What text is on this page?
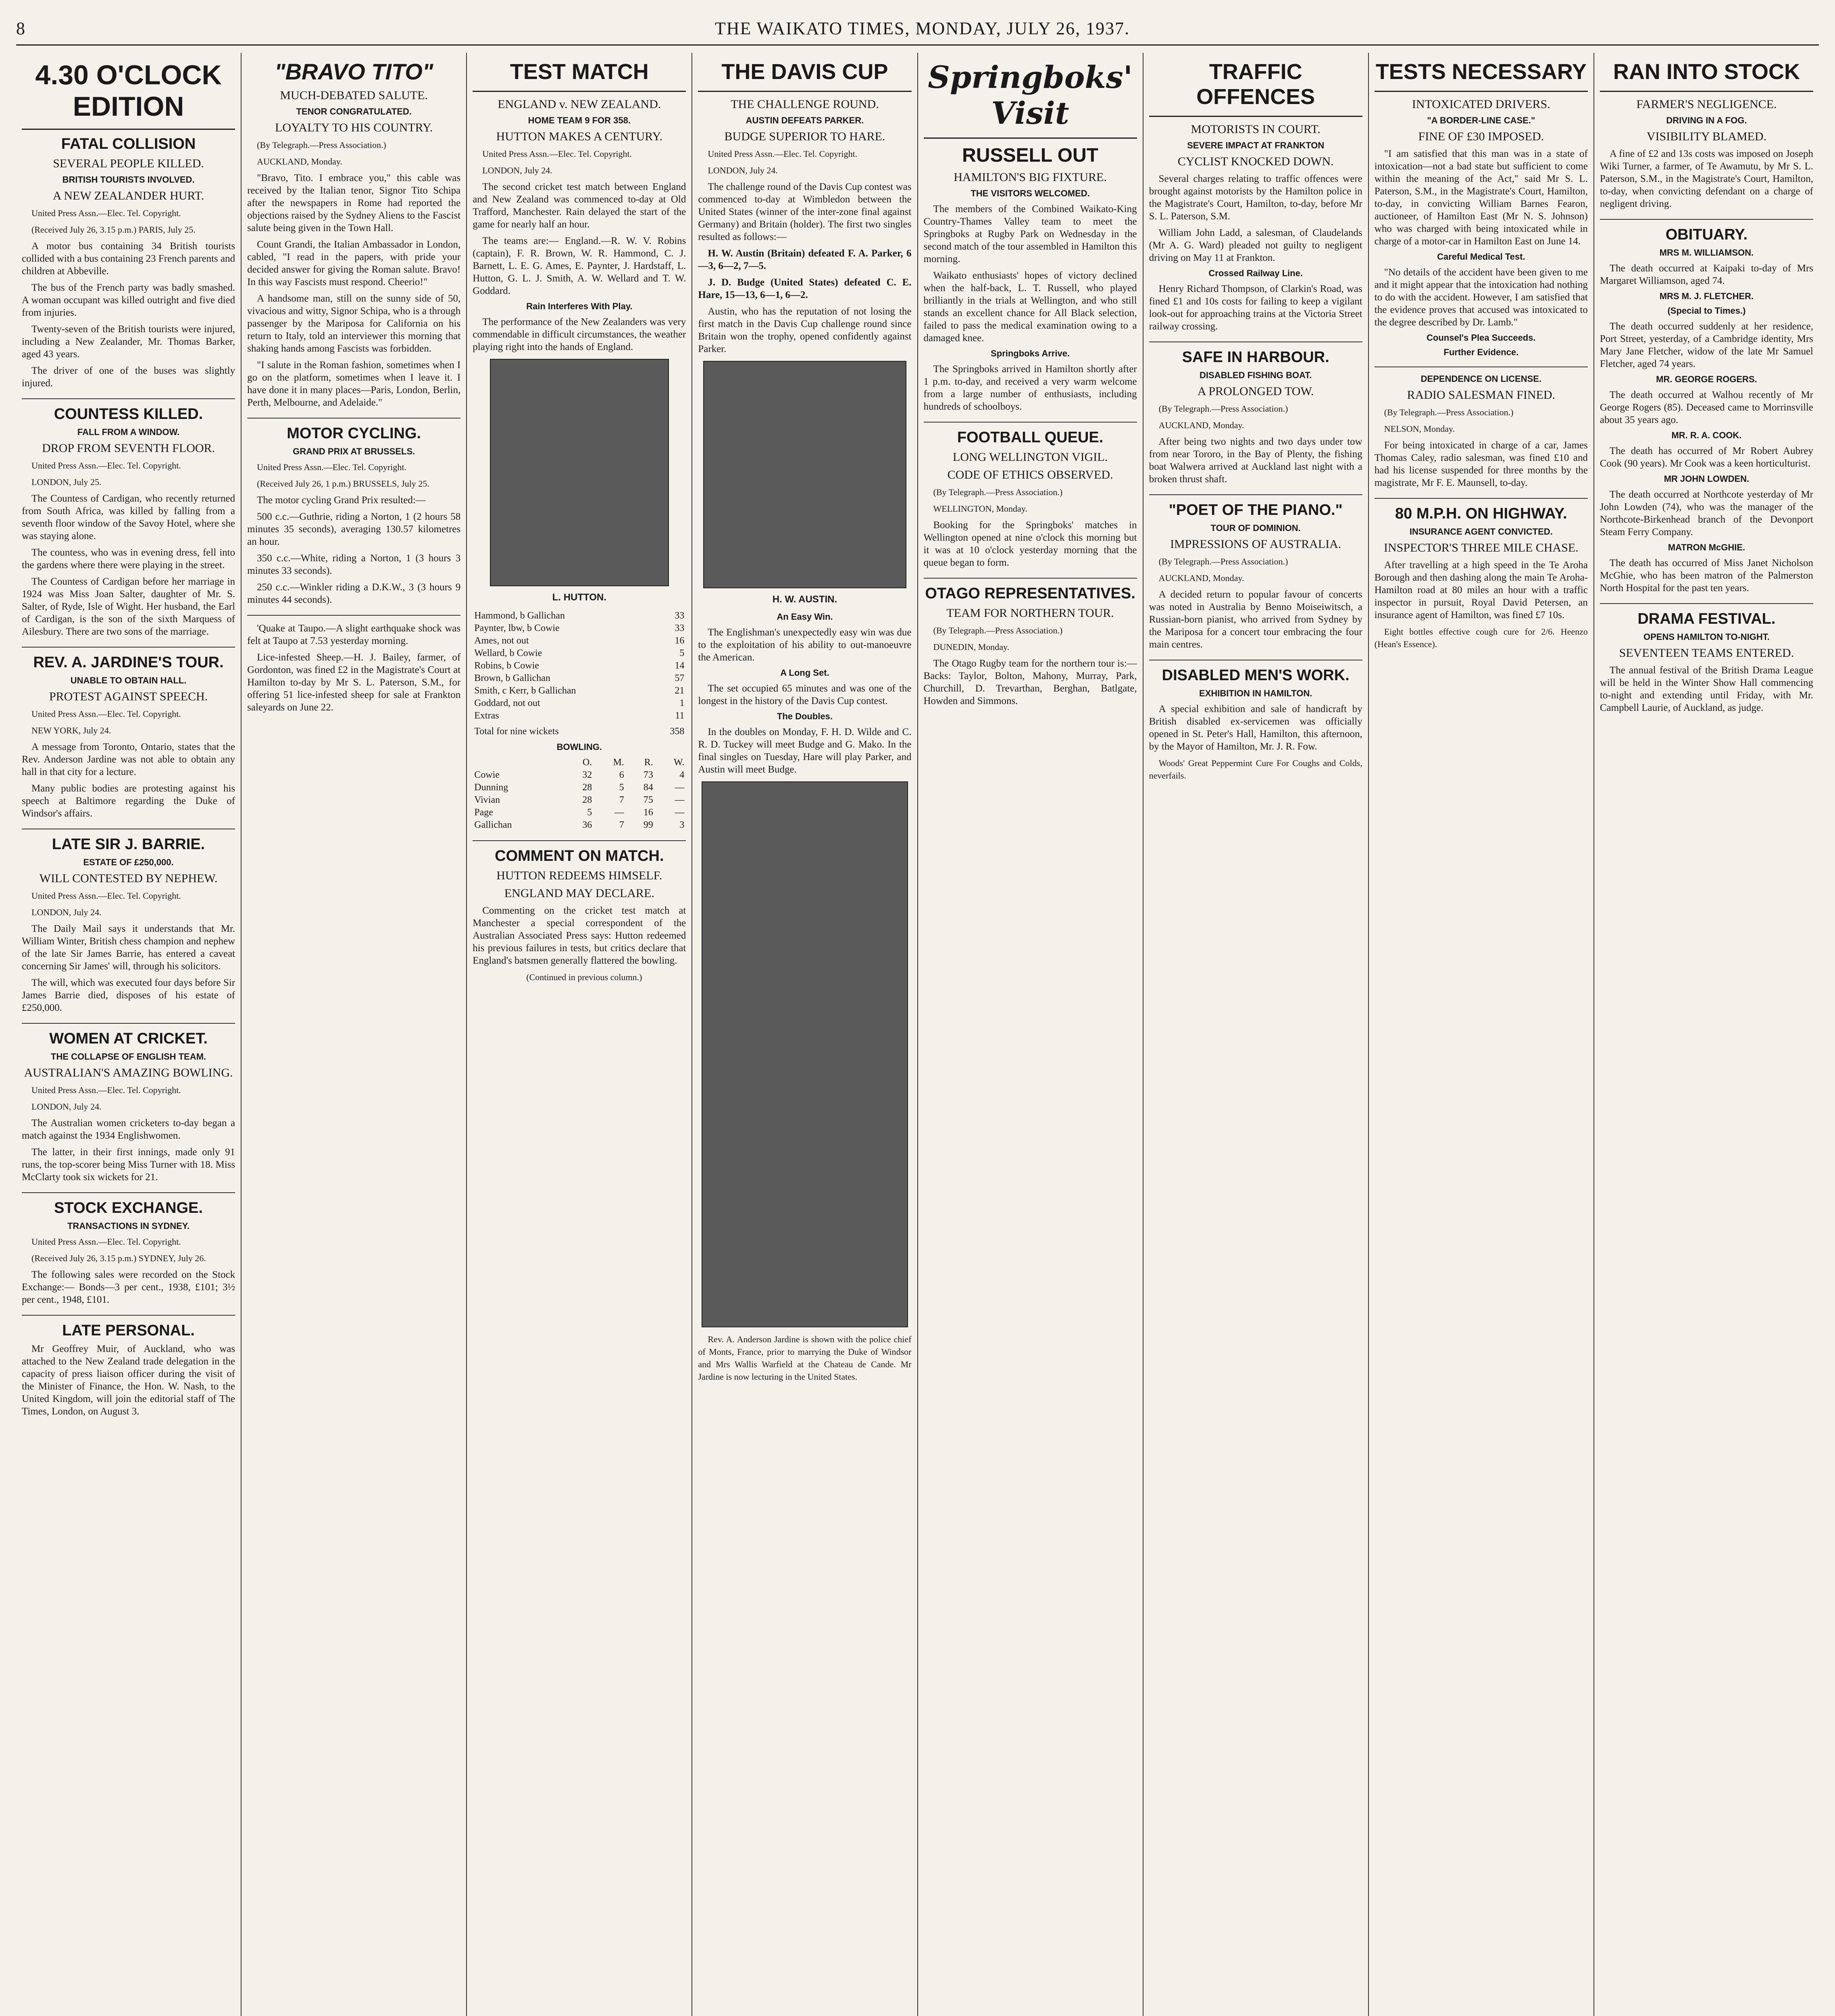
8	THE WAIKATO TIMES, MONDAY, JULY 26, 1937.
4.30 O'CLOCK EDITION
FATAL COLLISION
SEVERAL PEOPLE KILLED.
BRITISH TOURISTS INVOLVED.
A NEW ZEALANDER HURT.

United Press Assn.—Elec. Tel. Copyright.

(Received July 26, 3.15 p.m.) PARIS, July 25.

A motor bus containing 34 British tourists collided with a bus containing 23 French parents and children at Abbeville.

The bus of the French party was badly smashed. A woman occupant was killed outright and five died from injuries.

Twenty-seven of the British tourists were injured, including a New Zealander, Mr. Thomas Barker, aged 43 years.

The driver of one of the buses was slightly injured.

COUNTESS KILLED.
FALL FROM A WINDOW.
DROP FROM SEVENTH FLOOR.

United Press Assn.—Elec. Tel. Copyright.

LONDON, July 25.

The Countess of Cardigan, who recently returned from South Africa, was killed by falling from a seventh floor window of the Savoy Hotel, where she was staying alone.

The countess, who was in evening dress, fell into the gardens where there were playing in the street.

The Countess of Cardigan before her marriage in 1924 was Miss Joan Salter, daughter of Mr. S. Salter, of Ryde, Isle of Wight. Her husband, the Earl of Cardigan, is the son of the sixth Marquess of Ailesbury. There are two sons of the marriage.

REV. A. JARDINE'S TOUR.
UNABLE TO OBTAIN HALL.
PROTEST AGAINST SPEECH.

United Press Assn.—Elec. Tel. Copyright.

NEW YORK, July 24.

A message from Toronto, Ontario, states that the Rev. Anderson Jardine was not able to obtain any hall in that city for a lecture.

Many public bodies are protesting against his speech at Baltimore regarding the Duke of Windsor's affairs.

LATE SIR J. BARRIE.
ESTATE OF £250,000.
WILL CONTESTED BY NEPHEW.

United Press Assn.—Elec. Tel. Copyright.

LONDON, July 24.

The Daily Mail says it understands that Mr. William Winter, British chess champion and nephew of the late Sir James Barrie, has entered a caveat concerning Sir James' will, through his solicitors.

The will, which was executed four days before Sir James Barrie died, disposes of his estate of £250,000.

WOMEN AT CRICKET.
THE COLLAPSE OF ENGLISH TEAM.
AUSTRALIAN'S AMAZING BOWLING.

United Press Assn.—Elec. Tel. Copyright.

LONDON, July 24.

The Australian women cricketers to-day began a match against the 1934 Englishwomen.

The latter, in their first innings, made only 91 runs, the top-scorer being Miss Turner with 18. Miss McClarty took six wickets for 21.

STOCK EXCHANGE.
TRANSACTIONS IN SYDNEY.

United Press Assn.—Elec. Tel. Copyright.

(Received July 26, 3.15 p.m.) SYDNEY, July 26.

The following sales were recorded on the Stock Exchange:— Bonds—3 per cent., 1938, £101; 3½ per cent., 1948, £101.

LATE PERSONAL.

Mr Geoffrey Muir, of Auckland, who was attached to the New Zealand trade delegation in the capacity of press liaison officer during the visit of the Minister of Finance, the Hon. W. Nash, to the United Kingdom, will join the editorial staff of The Times, London, on August 3.

"BRAVO TITO"
MUCH-DEBATED SALUTE.
TENOR CONGRATULATED.
LOYALTY TO HIS COUNTRY.

(By Telegraph.—Press Association.)

AUCKLAND, Monday.

"Bravo, Tito. I embrace you," this cable was received by the Italian tenor, Signor Tito Schipa after the newspapers in Rome had reported the objections raised by the Sydney Aliens to the Fascist salute being given in the Town Hall.

Count Grandi, the Italian Ambassador in London, cabled, "I read in the papers, with pride your decided answer for giving the Roman salute. Bravo! In this way Fascists must respond. Cheerio!"

A handsome man, still on the sunny side of 50, vivacious and witty, Signor Schipa, who is a through passenger by the Mariposa for California on his return to Italy, told an interviewer this morning that shaking hands among Fascists was forbidden.

"I salute in the Roman fashion, sometimes when I go on the platform, sometimes when I leave it. I have done it in many places—Paris, London, Berlin, Perth, Melbourne, and Adelaide."

MOTOR CYCLING.
GRAND PRIX AT BRUSSELS.

United Press Assn.—Elec. Tel. Copyright.

(Received July 26, 1 p.m.) BRUSSELS, July 25.

The motor cycling Grand Prix resulted:—

500 c.c.—Guthrie, riding a Norton, 1 (2 hours 58 minutes 35 seconds), averaging 130.57 kilometres an hour.

350 c.c.—White, riding a Norton, 1 (3 hours 3 minutes 33 seconds).

250 c.c.—Winkler riding a D.K.W., 3 (3 hours 9 minutes 44 seconds).

'Quake at Taupo.—A slight earthquake shock was felt at Taupo at 7.53 yesterday morning.

Lice-infested Sheep.—H. J. Bailey, farmer, of Gordonton, was fined £2 in the Magistrate's Court at Hamilton to-day by Mr S. L. Paterson, S.M., for offering 51 lice-infested sheep for sale at Frankton saleyards on June 22.

TEST MATCH
ENGLAND v. NEW ZEALAND.
HOME TEAM 9 FOR 358.
HUTTON MAKES A CENTURY.

United Press Assn.—Elec. Tel. Copyright.

LONDON, July 24.

The second cricket test match between England and New Zealand was commenced to-day at Old Trafford, Manchester. Rain delayed the start of the game for nearly half an hour.

The teams are:— England.—R. W. V. Robins (captain), F. R. Brown, W. R. Hammond, C. J. Barnett, L. E. G. Ames, E. Paynter, J. Hardstaff, L. Hutton, G. L. J. Smith, A. W. Wellard and T. W. Goddard.

Rain Interferes With Play.

The performance of the New Zealanders was very commendable in difficult circumstances, the weather playing right into the hands of England.

L. HUTTON.
Hammond, b Gallichan	33
Paynter, lbw, b Cowie	33
Ames, not out	16
Wellard, b Cowie	5
Robins, b Cowie	14
Brown, b Gallichan	57
Smith, c Kerr, b Gallichan	21
Goddard, not out	1
Extras	11
Total for nine wickets	358
BOWLING.
	O.	M.	R.	W.
Cowie	32	6	73	4
Dunning	28	5	84	—
Vivian	28	7	75	—
Page	5	—	16	—
Gallichan	36	7	99	3
COMMENT ON MATCH.
HUTTON REDEEMS HIMSELF.
ENGLAND MAY DECLARE.

Commenting on the cricket test match at Manchester a special correspondent of the Australian Associated Press says: Hutton redeemed his previous failures in tests, but critics declare that England's batsmen generally flattered the bowling.

(Continued in previous column.)

THE DAVIS CUP
THE CHALLENGE ROUND.
AUSTIN DEFEATS PARKER.
BUDGE SUPERIOR TO HARE.

United Press Assn.—Elec. Tel. Copyright.

LONDON, July 24.

The challenge round of the Davis Cup contest was commenced to-day at Wimbledon between the United States (winner of the inter-zone final against Germany) and Britain (holder). The first two singles resulted as follows:—

H. W. Austin (Britain) defeated F. A. Parker, 6—3, 6—2, 7—5.

J. D. Budge (United States) defeated C. E. Hare, 15—13, 6—1, 6—2.

Austin, who has the reputation of not losing the first match in the Davis Cup challenge round since Britain won the trophy, opened confidently against Parker.

H. W. AUSTIN.
An Easy Win.

The Englishman's unexpectedly easy win was due to the exploitation of his ability to out-manoeuvre the American.

A Long Set.

The set occupied 65 minutes and was one of the longest in the history of the Davis Cup contest.

The Doubles.

In the doubles on Monday, F. H. D. Wilde and C. R. D. Tuckey will meet Budge and G. Mako. In the final singles on Tuesday, Hare will play Parker, and Austin will meet Budge.

Rev. A. Anderson Jardine is shown with the police chief of Monts, France, prior to marrying the Duke of Windsor and Mrs Wallis Warfield at the Chateau de Cande. Mr Jardine is now lecturing in the United States.

Springboks' Visit
RUSSELL OUT
HAMILTON'S BIG FIXTURE.
THE VISITORS WELCOMED.

The members of the Combined Waikato-King Country-Thames Valley team to meet the Springboks at Rugby Park on Wednesday in the second match of the tour assembled in Hamilton this morning.

Waikato enthusiasts' hopes of victory declined when the half-back, L. T. Russell, who played brilliantly in the trials at Wellington, and who still stands an excellent chance for All Black selection, failed to pass the medical examination owing to a damaged knee.

Springboks Arrive.

The Springboks arrived in Hamilton shortly after 1 p.m. to-day, and received a very warm welcome from a large number of enthusiasts, including hundreds of schoolboys.

FOOTBALL QUEUE.
LONG WELLINGTON VIGIL.
CODE OF ETHICS OBSERVED.

(By Telegraph.—Press Association.)

WELLINGTON, Monday.

Booking for the Springboks' matches in Wellington opened at nine o'clock this morning but it was at 10 o'clock yesterday morning that the queue began to form.

OTAGO REPRESENTATIVES.
TEAM FOR NORTHERN TOUR.

(By Telegraph.—Press Association.)

DUNEDIN, Monday.

The Otago Rugby team for the northern tour is:— Backs: Taylor, Bolton, Mahony, Murray, Park, Churchill, D. Trevarthan, Berghan, Batlgate, Howden and Simmons.

TRAFFIC OFFENCES
MOTORISTS IN COURT.
SEVERE IMPACT AT FRANKTON
CYCLIST KNOCKED DOWN.

Several charges relating to traffic offences were brought against motorists by the Hamilton police in the Magistrate's Court, Hamilton, to-day, before Mr S. L. Paterson, S.M.

William John Ladd, a salesman, of Claudelands (Mr A. G. Ward) pleaded not guilty to negligent driving on May 11 at Frankton.

Crossed Railway Line.

Henry Richard Thompson, of Clarkin's Road, was fined £1 and 10s costs for failing to keep a vigilant look-out for approaching trains at the Victoria Street railway crossing.

SAFE IN HARBOUR.
DISABLED FISHING BOAT.
A PROLONGED TOW.

(By Telegraph.—Press Association.)

AUCKLAND, Monday.

After being two nights and two days under tow from near Tororo, in the Bay of Plenty, the fishing boat Walwera arrived at Auckland last night with a broken thrust shaft.

"POET OF THE PIANO."
TOUR OF DOMINION.
IMPRESSIONS OF AUSTRALIA.

(By Telegraph.—Press Association.)

AUCKLAND, Monday.

A decided return to popular favour of concerts was noted in Australia by Benno Moiseiwitsch, a Russian-born pianist, who arrived from Sydney by the Mariposa for a concert tour embracing the four main centres.

DISABLED MEN'S WORK.
EXHIBITION IN HAMILTON.

A special exhibition and sale of handicraft by British disabled ex-servicemen was officially opened in St. Peter's Hall, Hamilton, this afternoon, by the Mayor of Hamilton, Mr. J. R. Fow.

Woods' Great Peppermint Cure For Coughs and Colds, neverfails.

TESTS NECESSARY
INTOXICATED DRIVERS.
"A BORDER-LINE CASE."
FINE OF £30 IMPOSED.

"I am satisfied that this man was in a state of intoxication—not a bad state but sufficient to come within the meaning of the Act," said Mr S. L. Paterson, S.M., in the Magistrate's Court, Hamilton, to-day, in convicting William Barnes Fearon, auctioneer, of Hamilton East (Mr N. S. Johnson) who was charged with being intoxicated while in charge of a motor-car in Hamilton East on June 14.

Careful Medical Test.

"No details of the accident have been given to me and it might appear that the intoxication had nothing to do with the accident. However, I am satisfied that the evidence proves that accused was intoxicated to the degree described by Dr. Lamb."

Counsel's Plea Succeeds.
Further Evidence.
DEPENDENCE ON LICENSE.
RADIO SALESMAN FINED.

(By Telegraph.—Press Association.)

NELSON, Monday.

For being intoxicated in charge of a car, James Thomas Caley, radio salesman, was fined £10 and had his license suspended for three months by the magistrate, Mr F. E. Maunsell, to-day.

80 M.P.H. ON HIGHWAY.
INSURANCE AGENT CONVICTED.
INSPECTOR'S THREE MILE CHASE.

After travelling at a high speed in the Te Aroha Borough and then dashing along the main Te Aroha-Hamilton road at 80 miles an hour with a traffic inspector in pursuit, Royal David Petersen, an insurance agent of Hamilton, was fined £7 10s.

Eight bottles effective cough cure for 2/6. Heenzo (Hean's Essence).

RAN INTO STOCK
FARMER'S NEGLIGENCE.
DRIVING IN A FOG.
VISIBILITY BLAMED.

A fine of £2 and 13s costs was imposed on Joseph Wiki Turner, a farmer, of Te Awamutu, by Mr S. L. Paterson, S.M., in the Magistrate's Court, Hamilton, to-day, when convicting defendant on a charge of negligent driving.

OBITUARY.
MRS M. WILLIAMSON.

The death occurred at Kaipaki to-day of Mrs Margaret Williamson, aged 74.

MRS M. J. FLETCHER.
(Special to Times.)

The death occurred suddenly at her residence, Port Street, yesterday, of a Cambridge identity, Mrs Mary Jane Fletcher, widow of the late Mr Samuel Fletcher, aged 74 years.

MR. GEORGE ROGERS.

The death occurred at Walhou recently of Mr George Rogers (85). Deceased came to Morrinsville about 35 years ago.

MR. R. A. COOK.

The death has occurred of Mr Robert Aubrey Cook (90 years). Mr Cook was a keen horticulturist.

MR JOHN LOWDEN.

The death occurred at Northcote yesterday of Mr John Lowden (74), who was the manager of the Northcote-Birkenhead branch of the Devonport Steam Ferry Company.

MATRON McGHIE.

The death has occurred of Miss Janet Nicholson McGhie, who has been matron of the Palmerston North Hospital for the past ten years.

DRAMA FESTIVAL.
OPENS HAMILTON TO-NIGHT.
SEVENTEEN TEAMS ENTERED.

The annual festival of the British Drama League will be held in the Winter Show Hall commencing to-night and extending until Friday, with Mr. Campbell Laurie, of Auckland, as judge.
